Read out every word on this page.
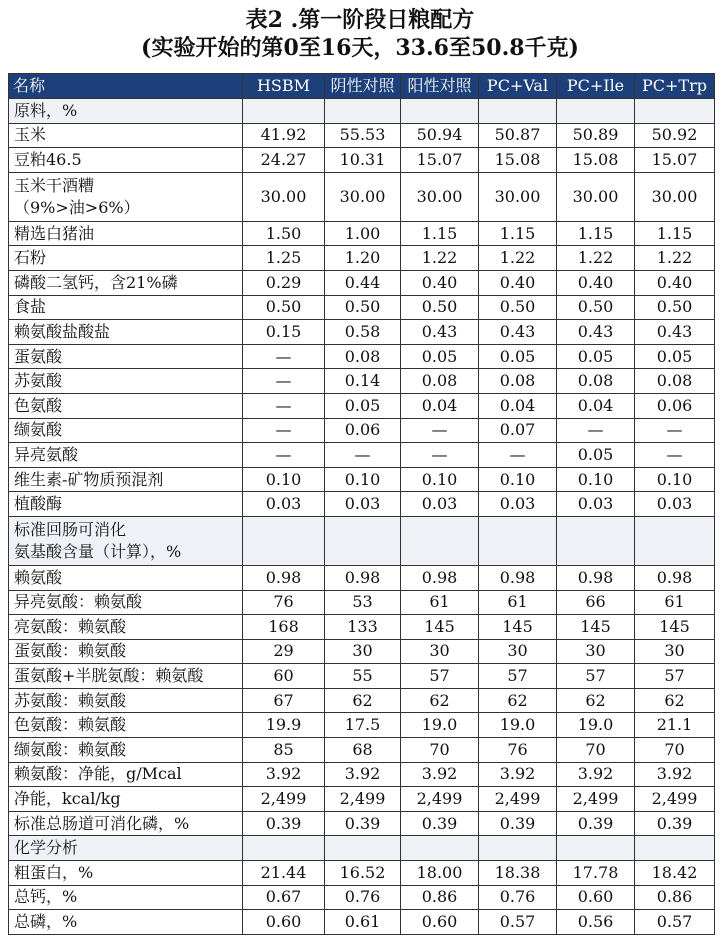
表2 .第一阶段日粮配方
(实验开始的第0至16天，33.6至50.8千克)
名称	HSBM	阴性对照	阳性对照	PC+Val	PC+Ile	PC+Trp
原料，%						
玉米	41.92	55.53	50.94	50.87	50.89	50.92
豆粕46.5	24.27	10.31	15.07	15.08	15.08	15.07

玉米干酒糟
（9%>油>6%）	30.00	30.00	30.00	30.00	30.00	30.00
精选白猪油	1.50	1.00	1.15	1.15	1.15	1.15
石粉	1.25	1.20	1.22	1.22	1.22	1.22
磷酸二氢钙，含21%磷	0.29	0.44	0.40	0.40	0.40	0.40
食盐	0.50	0.50	0.50	0.50	0.50	0.50
赖氨酸盐酸盐	0.15	0.58	0.43	0.43	0.43	0.43
蛋氨酸	—	0.08	0.05	0.05	0.05	0.05
苏氨酸	—	0.14	0.08	0.08	0.08	0.08
色氨酸	—	0.05	0.04	0.04	0.04	0.06
缬氨酸	—	0.06	—	0.07	—	—
异亮氨酸	—	—	—	—	0.05	—
维生素-矿物质预混剂	0.10	0.10	0.10	0.10	0.10	0.10
植酸酶	0.03	0.03	0.03	0.03	0.03	0.03

标准回肠可消化
氨基酸含量（计算），%						

赖氨酸	0.98	0.98	0.98	0.98	0.98	0.98
异亮氨酸：赖氨酸	76	53	61	61	66	61
亮氨酸：赖氨酸	168	133	145	145	145	145
蛋氨酸：赖氨酸	29	30	30	30	30	30
蛋氨酸+半胱氨酸：赖氨酸	60	55	57	57	57	57
苏氨酸：赖氨酸	67	62	62	62	62	62
色氨酸：赖氨酸	19.9	17.5	19.0	19.0	19.0	21.1
缬氨酸：赖氨酸	85	68	70	76	70	70
赖氨酸：净能，g/Mcal	3.92	3.92	3.92	3.92	3.92	3.92
净能，kcal/kg	2,499	2,499	2,499	2,499	2,499	2,499
标准总肠道可消化磷，%	0.39	0.39	0.39	0.39	0.39	0.39
化学分析						
粗蛋白，%	21.44	16.52	18.00	18.38	17.78	18.42
总钙，%	0.67	0.76	0.86	0.76	0.60	0.86
总磷，%	0.60	0.61	0.60	0.57	0.56	0.57
